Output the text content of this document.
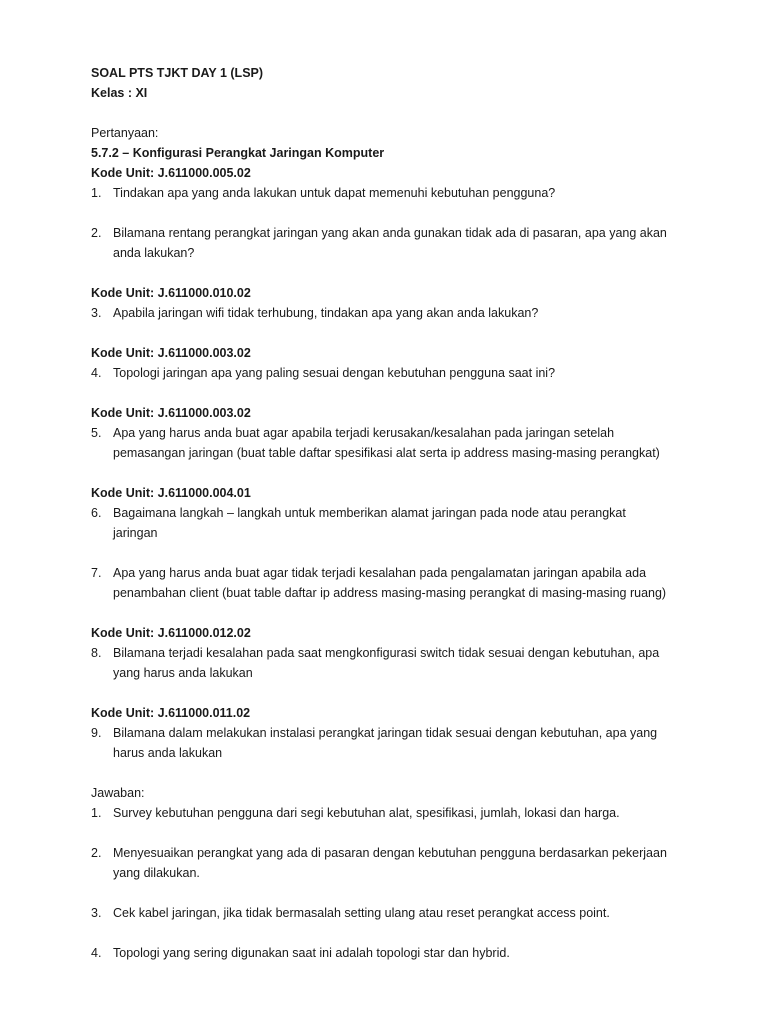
SOAL PTS TJKT DAY 1 (LSP)

Kelas : XI

Pertanyaan:

5.7.2 – Konfigurasi Perangkat Jaringan Komputer

Kode Unit: J.611000.005.02

1. Tindakan apa yang anda lakukan untuk dapat memenuhi kebutuhan pengguna?
2. Bilamana rentang perangkat jaringan yang akan anda gunakan tidak ada di pasaran, apa yang akan
anda lakukan?

Kode Unit: J.611000.010.02

3. Apabila jaringan wifi tidak terhubung, tindakan apa yang akan anda lakukan?

Kode Unit: J.611000.003.02

4. Topologi jaringan apa yang paling sesuai dengan kebutuhan pengguna saat ini?

Kode Unit: J.611000.003.02

5. Apa yang harus anda buat agar apabila terjadi kerusakan/kesalahan pada jaringan setelah
pemasangan jaringan (buat table daftar spesifikasi alat serta ip address masing-masing perangkat)

Kode Unit: J.611000.004.01

6. Bagaimana langkah – langkah untuk memberikan alamat jaringan pada node atau perangkat
jaringan
7. Apa yang harus anda buat agar tidak terjadi kesalahan pada pengalamatan jaringan apabila ada
penambahan client (buat table daftar ip address masing-masing perangkat di masing-masing ruang)

Kode Unit: J.611000.012.02

8. Bilamana terjadi kesalahan pada saat mengkonfigurasi switch tidak sesuai dengan kebutuhan, apa
yang harus anda lakukan

Kode Unit: J.611000.011.02

9. Bilamana dalam melakukan instalasi perangkat jaringan tidak sesuai dengan kebutuhan, apa yang
harus anda lakukan

Jawaban:

1. Survey kebutuhan pengguna dari segi kebutuhan alat, spesifikasi, jumlah, lokasi dan harga.
2. Menyesuaikan perangkat yang ada di pasaran dengan kebutuhan pengguna berdasarkan pekerjaan
yang dilakukan.
3. Cek kabel jaringan, jika tidak bermasalah setting ulang atau reset perangkat access point.
4. Topologi yang sering digunakan saat ini adalah topologi star dan hybrid.
